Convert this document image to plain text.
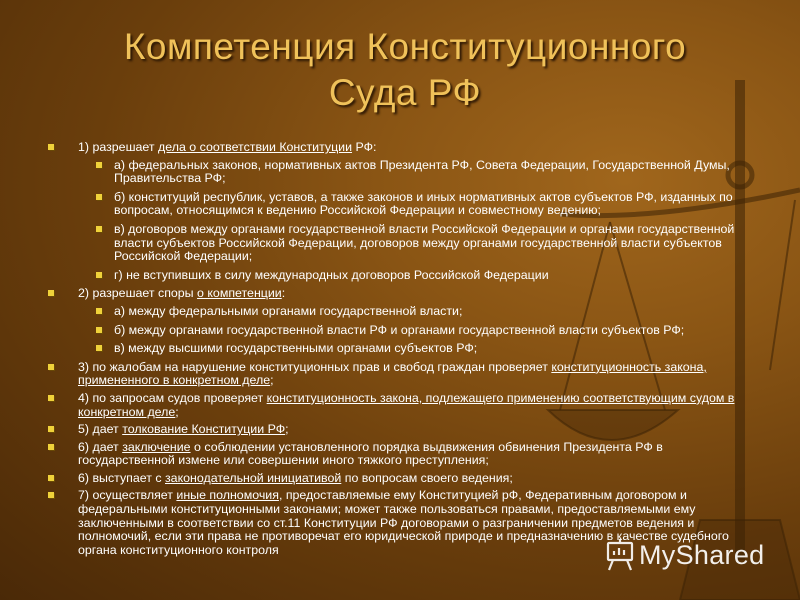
Компетенция Конституционного
Суда РФ
1) разрешает дела о соответствии Конституции РФ:
а) федеральных законов, нормативных актов Президента РФ, Совета Федерации, Государственной Думы, Правительства РФ;
б) конституций республик, уставов, а также законов и иных нормативных актов субъектов РФ, изданных по вопросам, относящимся к ведению Российской Федерации и совместному ведению;
в) договоров между органами государственной власти Российской Федерации и органами государственной власти субъектов Российской Федерации, договоров между органами государственной власти субъектов Российской Федерации;
г) не вступивших в силу международных договоров Российской Федерации
2) разрешает споры о компетенции:
а) между федеральными органами государственной власти;
б) между органами государственной власти РФ и органами государственной власти субъектов РФ;
в) между высшими государственными органами субъектов РФ;
3) по жалобам на нарушение конституционных прав и свобод граждан проверяет конституционность закона, примененного в конкретном деле;
4) по запросам судов проверяет конституционность закона, подлежащего применению соответствующим судом в конкретном деле;
5) дает толкование Конституции РФ;
6) дает заключение о соблюдении установленного порядка выдвижения обвинения Президента РФ в государственной измене или совершении иного тяжкого преступления;
6) выступает с законодательной инициативой по вопросам своего ведения;
7) осуществляет иные полномочия, предоставляемые ему Конституцией рФ, Федеративным договором и федеральными конституционными законами; может также пользоваться правами, предоставляемыми ему заключенными в соответствии со ст.11 Конституции РФ договорами о разграничении предметов ведения и полномочий, если эти права не противоречат его юридической природе и предназначению в качестве судебного органа конституционного контроля	MyShared
